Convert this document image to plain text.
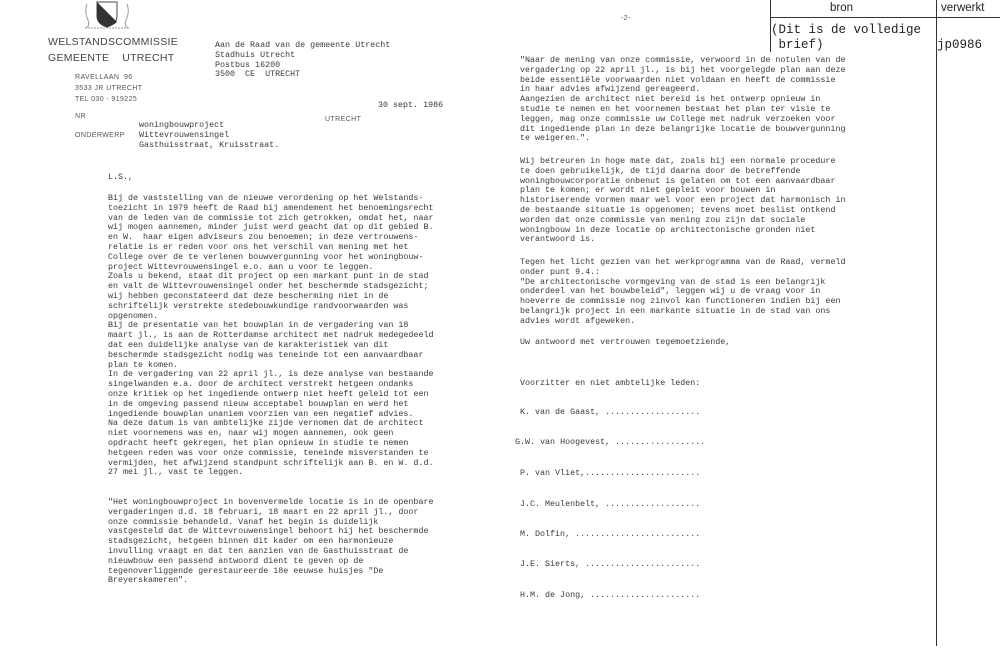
WELSTANDSCOMMISSIE
GEMEENTE    UTRECHT
RAVELLAAN  96
3533 JR UTRECHT
TEL 030 - 919225
NR
ONDERWERP
UTRECHT
Aan de Raad van de gemeente Utrecht
Stadhuis Utrecht
Postbus 16200
3500  CE  UTRECHT
30 sept. 1986
woningbouwproject
Wittevrouwensingel
Gasthuisstraat, Kruisstraat.
L.S.,
Bij de vaststelling van de nieuwe verordening op het Welstands-
toezicht in 1979 heeft de Raad bij amendement het benoemingsrecht
van de leden van de commissie tot zich getrokken, omdat het, naar
wij mogen aannemen, minder juist werd geacht dat op dit gebied B.
en W.  haar eigen adviseurs zou benoemen; in deze vertrouwens-
relatie is er reden voor ons het verschil van mening met het
College over de te verlenen bouwvergunning voor het woningbouw-
project Wittevrouwensingel e.o. aan u voor te leggen.
Zoals u bekend, staat dit project op een markant punt in de stad
en valt de Wittevrouwensingel onder het beschermde stadsgezicht;
wij hebben geconstateerd dat deze bescherming niet in de
schriftelijk verstrekte stedebouwkundige randvoorwaarden was
opgenomen.
Bij de presentatie van het bouwplan in de vergadering van 18
maart jl., is aan de Rotterdamse architect met nadruk medegedeeld
dat een duidelijke analyse van de karakteristiek van dit
beschermde stadsgezicht nodig was teneinde tot een aanvaardbaar
plan te komen.
In de vergadering van 22 april jl., is deze analyse van bestaande
singelwanden e.a. door de architect verstrekt hetgeen ondanks
onze kritiek op het ingediende ontwerp niet heeft geleid tot een
in de omgeving passend nieuw acceptabel bouwplan en werd het
ingediende bouwplan unaniem voorzien van een negatief advies.
Na deze datum is van ambtelijke zijde vernomen dat de architect
niet voornemens was en, naar wij mogen aannemen, ook geen
opdracht heeft gekregen, het plan opnieuw in studie te nemen
hetgeen reden was voor onze commissie, teneinde misverstanden te
vermijden, het afwijzend standpunt schriftelijk aan B. en W. d.d.
27 mei jl., vast te leggen.
"Het woningbouwproject in bovenvermelde locatie is in de openbare
vergaderingen d.d. 18 februari, 18 maart en 22 april jl., door
onze commissie behandeld. Vanaf het begin is duidelijk
vastgesteld dat de Wittevrouwensingel behoort hij het beschermde
stadsgezicht, hetgeen binnen dit kader om een harmonieuze
invulling vraagt en dat ten aanzien van de Gasthuisstraat de
nieuwbouw een passend antwoord dient te geven op de
tegenoverliggende gerestaureerde 18e eeuwse huisjes "De
Breyerskameren".
-2-
bron	verwerkt
(Dit is de volledige
brief)	jp0986
"Naar de mening van onze commissie, verwoord in de notulen van de
vergadering op 22 april jl., is bij het voorgelegde plan aan deze
beide essentiële voorwaarden niet voldaan en heeft de commissie
in haar advies afwijzend gereageerd.
Aangezien de architect niet bereid is het ontwerp opnieuw in
studie te nemen en het voornemen bestaat het plan ter visie te
leggen, mag onze commissie uw College met nadruk verzoeken voor
dit ingediende plan in deze belangrijke locatie de bouwvergunning
te weigeren.".
Wij betreuren in hoge mate dat, zoals bij een normale procedure
te doen gebruikelijk, de tijd daarna door de betreffende
woningbouwcorporatie onbenut is gelaten om tot een aanvaardbaar
plan te komen; er wordt niet gepleit voor bouwen in
historiserende vormen maar wel voor een project dat harmonisch in
de bestaande situatie is opgenomen; tevens moet beslist ontkend
worden dat onze commissie van mening zou zijn dat sociale
woningbouw in deze locatie op architectonische gronden niet
verantwoord is.
Tegen het licht gezien van het werkprogramma van de Raad, vermeld
onder punt 9.4.:
"De architectonische vormgeving van de stad is een belangrijk
onderdeel van het bouwbeleid", leggen wij u de vraag voor in
hoeverre de commissie nog zinvol kan functioneren indien bij een
belangrijk project in een markante situatie in de stad van ons
advies wordt afgeweken.
Uw antwoord met vertrouwen tegemoetziende,
Voorzitter en niet ambtelijke leden:
K. van de Gaast, ...................
G.W. van Hoogevest, ..................
P. van Vliet,.......................
J.C. Meulenbelt, ...................
M. Dolfin, .........................
J.E. Sierts, .......................
H.M. de Jong, ......................
